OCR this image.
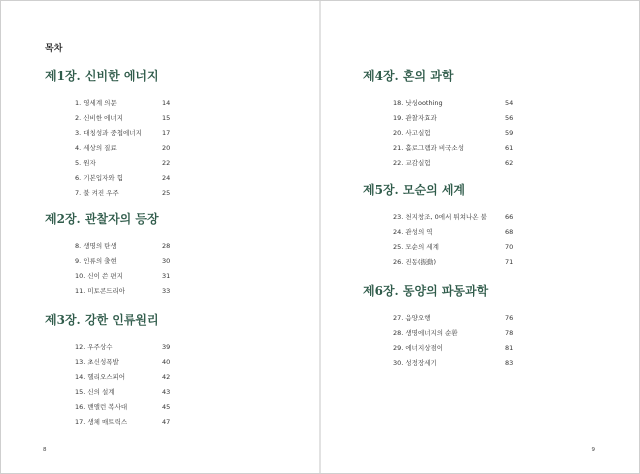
목차
제1장. 신비한 에너지
1. 영세계 의문	14
2. 신비한 에너지	15
3. 대칭성과 중첩에너지	17
4. 세상의 질료	20
5. 원자	22
6. 기본입자와 힘	24
7. 불 켜진 우주	25
제2장. 관찰자의 등장
8. 생명의 탄생	28
9. 인류의 출현	30
10. 신이 쓴 편지	31
11. 미토콘드리아	33
제3장. 강한 인류원리
12. 우주상수	39
13. 초신성폭발	40
14. 헬리오스피어	42
15. 신의 설계	43
16. 밴앨런 복사대	45
17. 생체 매트릭스	47
8
제4장. 혼의 과학
18. 낫싱oothing	54
19. 관찰자효과	56
20. 사고실험	59
21. 홀로그램과 비국소성	61
22. 교감실험	62
제5장. 모순의 세계
23. 천지창조, 0에서 튀쳐나온 불	66
24. 관성의 역	68
25. 모순의 세계	70
26. 진동(振動)	71
제6장. 동양의 파동과학
27. 음양오행	76
28. 생명에너지의 순환	78
29. 에너지상점이	81
30. 성정장세기	83
9
